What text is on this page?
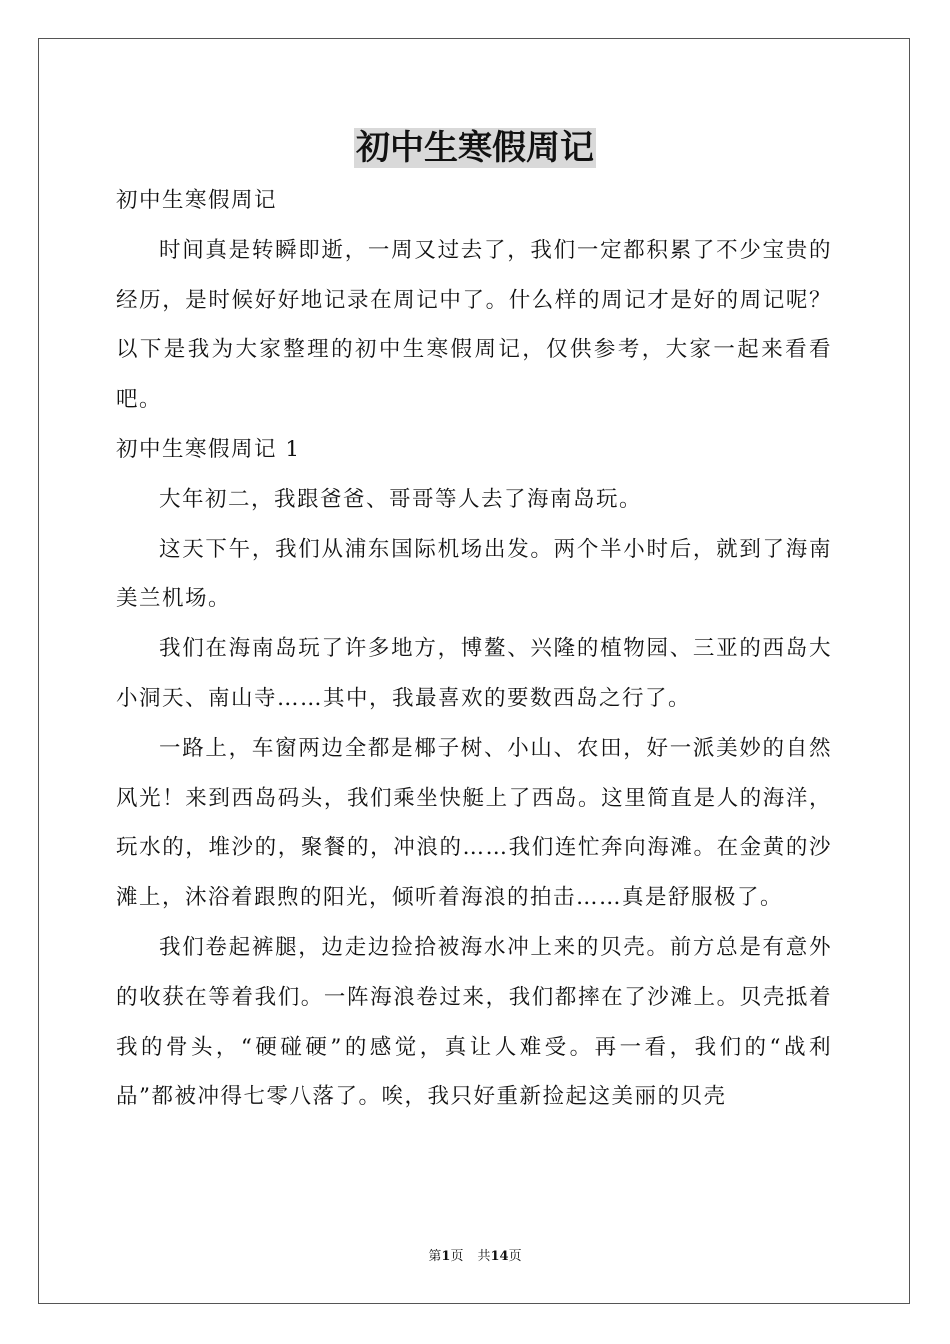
初中生寒假周记

初中生寒假周记

时间真是转瞬即逝，一周又过去了，我们一定都积累了不少宝贵的经历，是时候好好地记录在周记中了。什么样的周记才是好的周记呢？以下是我为大家整理的初中生寒假周记，仅供参考，大家一起来看看吧。

初中生寒假周记 1

大年初二，我跟爸爸、哥哥等人去了海南岛玩。

这天下午，我们从浦东国际机场出发。两个半小时后，就到了海南美兰机场。

我们在海南岛玩了许多地方，博鳌、兴隆的植物园、三亚的西岛大小洞天、南山寺……其中，我最喜欢的要数西岛之行了。

一路上，车窗两边全都是椰子树、小山、农田，好一派美妙的自然风光！来到西岛码头，我们乘坐快艇上了西岛。这里简直是人的海洋，玩水的，堆沙的，聚餐的，冲浪的……我们连忙奔向海滩。在金黄的沙滩上，沐浴着跟煦的阳光，倾听着海浪的拍击……真是舒服极了。

我们卷起裤腿，边走边捡拾被海水冲上来的贝壳。前方总是有意外的收获在等着我们。一阵海浪卷过来，我们都摔在了沙滩上。贝壳抵着我的骨头，“硬碰硬”的感觉，真让人难受。再一看，我们的“战利品”都被冲得七零八落了。唉，我只好重新捡起这美丽的贝壳

第1页 共14页
